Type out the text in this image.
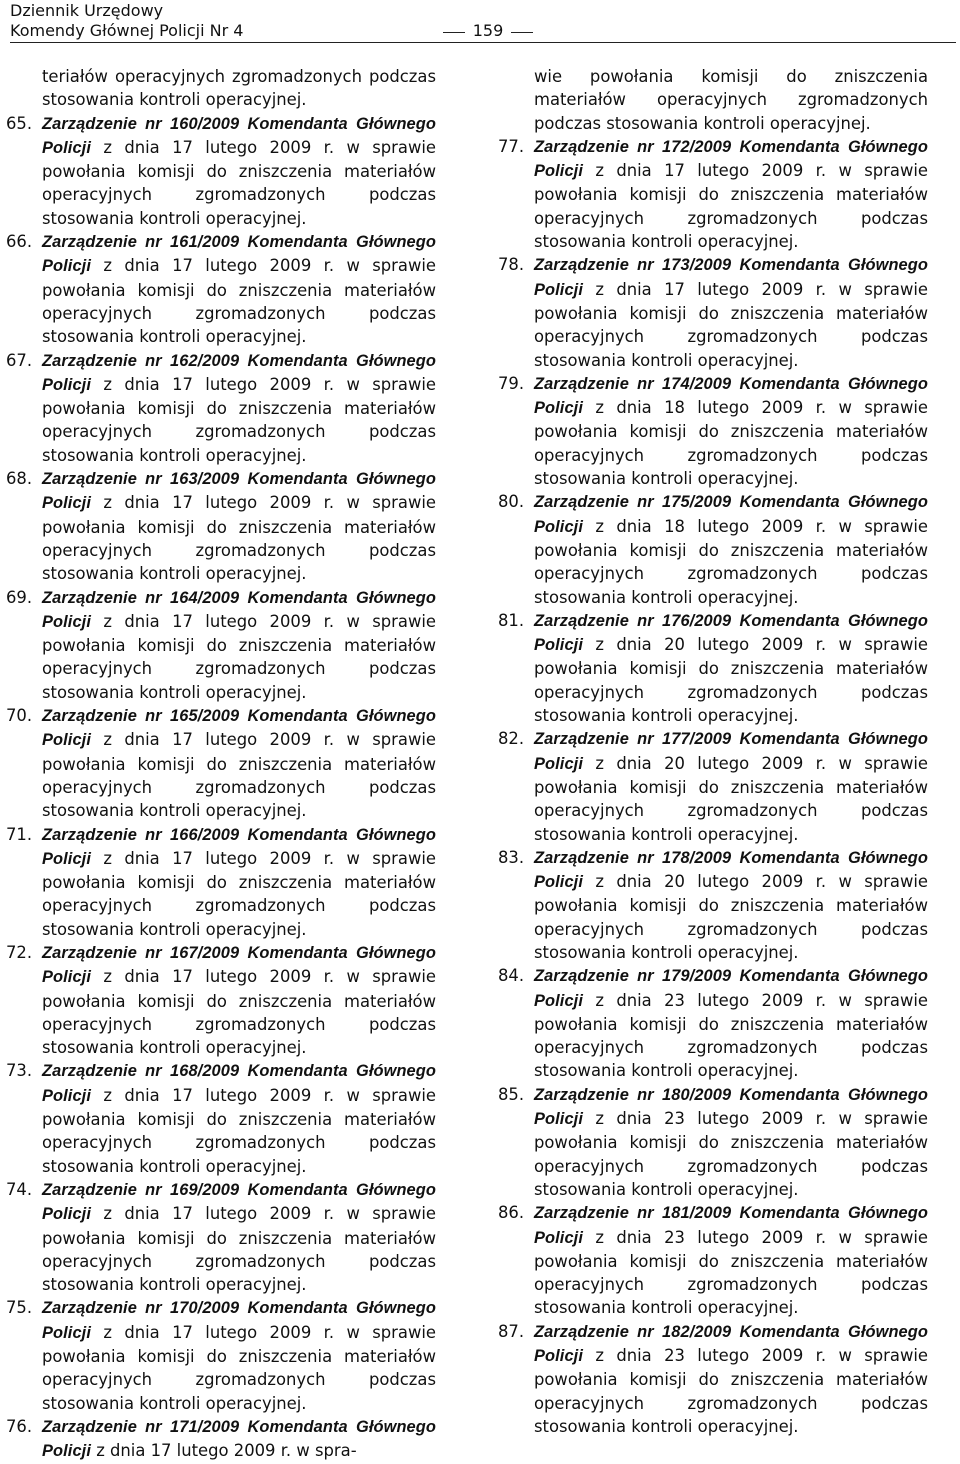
Dziennik Urzędowy
Komendy Głównej Policji Nr 4	159
teriałów operacyjnych zgromadzonych podczas stosowania kontroli operacyjnej.
65. Zarządzenie nr 160/2009 Komendanta Głównego Policji z dnia 17 lutego 2009 r. w sprawie powołania komisji do zniszczenia materiałów operacyjnych zgromadzonych podczas stosowania kontroli operacyjnej.
66. Zarządzenie nr 161/2009 Komendanta Głównego Policji z dnia 17 lutego 2009 r. w sprawie powołania komisji do zniszczenia materiałów operacyjnych zgromadzonych podczas stosowania kontroli operacyjnej.
67. Zarządzenie nr 162/2009 Komendanta Głównego Policji z dnia 17 lutego 2009 r. w sprawie powołania komisji do zniszczenia materiałów operacyjnych zgromadzonych podczas stosowania kontroli operacyjnej.
68. Zarządzenie nr 163/2009 Komendanta Głównego Policji z dnia 17 lutego 2009 r. w sprawie powołania komisji do zniszczenia materiałów operacyjnych zgromadzonych podczas stosowania kontroli operacyjnej.
69. Zarządzenie nr 164/2009 Komendanta Głównego Policji z dnia 17 lutego 2009 r. w sprawie powołania komisji do zniszczenia materiałów operacyjnych zgromadzonych podczas stosowania kontroli operacyjnej.
70. Zarządzenie nr 165/2009 Komendanta Głównego Policji z dnia 17 lutego 2009 r. w sprawie powołania komisji do zniszczenia materiałów operacyjnych zgromadzonych podczas stosowania kontroli operacyjnej.
71. Zarządzenie nr 166/2009 Komendanta Głównego Policji z dnia 17 lutego 2009 r. w sprawie powołania komisji do zniszczenia materiałów operacyjnych zgromadzonych podczas stosowania kontroli operacyjnej.
72. Zarządzenie nr 167/2009 Komendanta Głównego Policji z dnia 17 lutego 2009 r. w sprawie powołania komisji do zniszczenia materiałów operacyjnych zgromadzonych podczas stosowania kontroli operacyjnej.
73. Zarządzenie nr 168/2009 Komendanta Głównego Policji z dnia 17 lutego 2009 r. w sprawie powołania komisji do zniszczenia materiałów operacyjnych zgromadzonych podczas stosowania kontroli operacyjnej.
74. Zarządzenie nr 169/2009 Komendanta Głównego Policji z dnia 17 lutego 2009 r. w sprawie powołania komisji do zniszczenia materiałów operacyjnych zgromadzonych podczas stosowania kontroli operacyjnej.
75. Zarządzenie nr 170/2009 Komendanta Głównego Policji z dnia 17 lutego 2009 r. w sprawie powołania komisji do zniszczenia materiałów operacyjnych zgromadzonych podczas stosowania kontroli operacyjnej.
76. Zarządzenie nr 171/2009 Komendanta Głównego Policji z dnia 17 lutego 2009 r. w spra-
wie powołania komisji do zniszczenia materiałów operacyjnych zgromadzonych podczas stosowania kontroli operacyjnej.
77. Zarządzenie nr 172/2009 Komendanta Głównego Policji z dnia 17 lutego 2009 r. w sprawie powołania komisji do zniszczenia materiałów operacyjnych zgromadzonych podczas stosowania kontroli operacyjnej.
78. Zarządzenie nr 173/2009 Komendanta Głównego Policji z dnia 17 lutego 2009 r. w sprawie powołania komisji do zniszczenia materiałów operacyjnych zgromadzonych podczas stosowania kontroli operacyjnej.
79. Zarządzenie nr 174/2009 Komendanta Głównego Policji z dnia 18 lutego 2009 r. w sprawie powołania komisji do zniszczenia materiałów operacyjnych zgromadzonych podczas stosowania kontroli operacyjnej.
80. Zarządzenie nr 175/2009 Komendanta Głównego Policji z dnia 18 lutego 2009 r. w sprawie powołania komisji do zniszczenia materiałów operacyjnych zgromadzonych podczas stosowania kontroli operacyjnej.
81. Zarządzenie nr 176/2009 Komendanta Głównego Policji z dnia 20 lutego 2009 r. w sprawie powołania komisji do zniszczenia materiałów operacyjnych zgromadzonych podczas stosowania kontroli operacyjnej.
82. Zarządzenie nr 177/2009 Komendanta Głównego Policji z dnia 20 lutego 2009 r. w sprawie powołania komisji do zniszczenia materiałów operacyjnych zgromadzonych podczas stosowania kontroli operacyjnej.
83. Zarządzenie nr 178/2009 Komendanta Głównego Policji z dnia 20 lutego 2009 r. w sprawie powołania komisji do zniszczenia materiałów operacyjnych zgromadzonych podczas stosowania kontroli operacyjnej.
84. Zarządzenie nr 179/2009 Komendanta Głównego Policji z dnia 23 lutego 2009 r. w sprawie powołania komisji do zniszczenia materiałów operacyjnych zgromadzonych podczas stosowania kontroli operacyjnej.
85. Zarządzenie nr 180/2009 Komendanta Głównego Policji z dnia 23 lutego 2009 r. w sprawie powołania komisji do zniszczenia materiałów operacyjnych zgromadzonych podczas stosowania kontroli operacyjnej.
86. Zarządzenie nr 181/2009 Komendanta Głównego Policji z dnia 23 lutego 2009 r. w sprawie powołania komisji do zniszczenia materiałów operacyjnych zgromadzonych podczas stosowania kontroli operacyjnej.
87. Zarządzenie nr 182/2009 Komendanta Głównego Policji z dnia 23 lutego 2009 r. w sprawie powołania komisji do zniszczenia materiałów operacyjnych zgromadzonych podczas stosowania kontroli operacyjnej.
